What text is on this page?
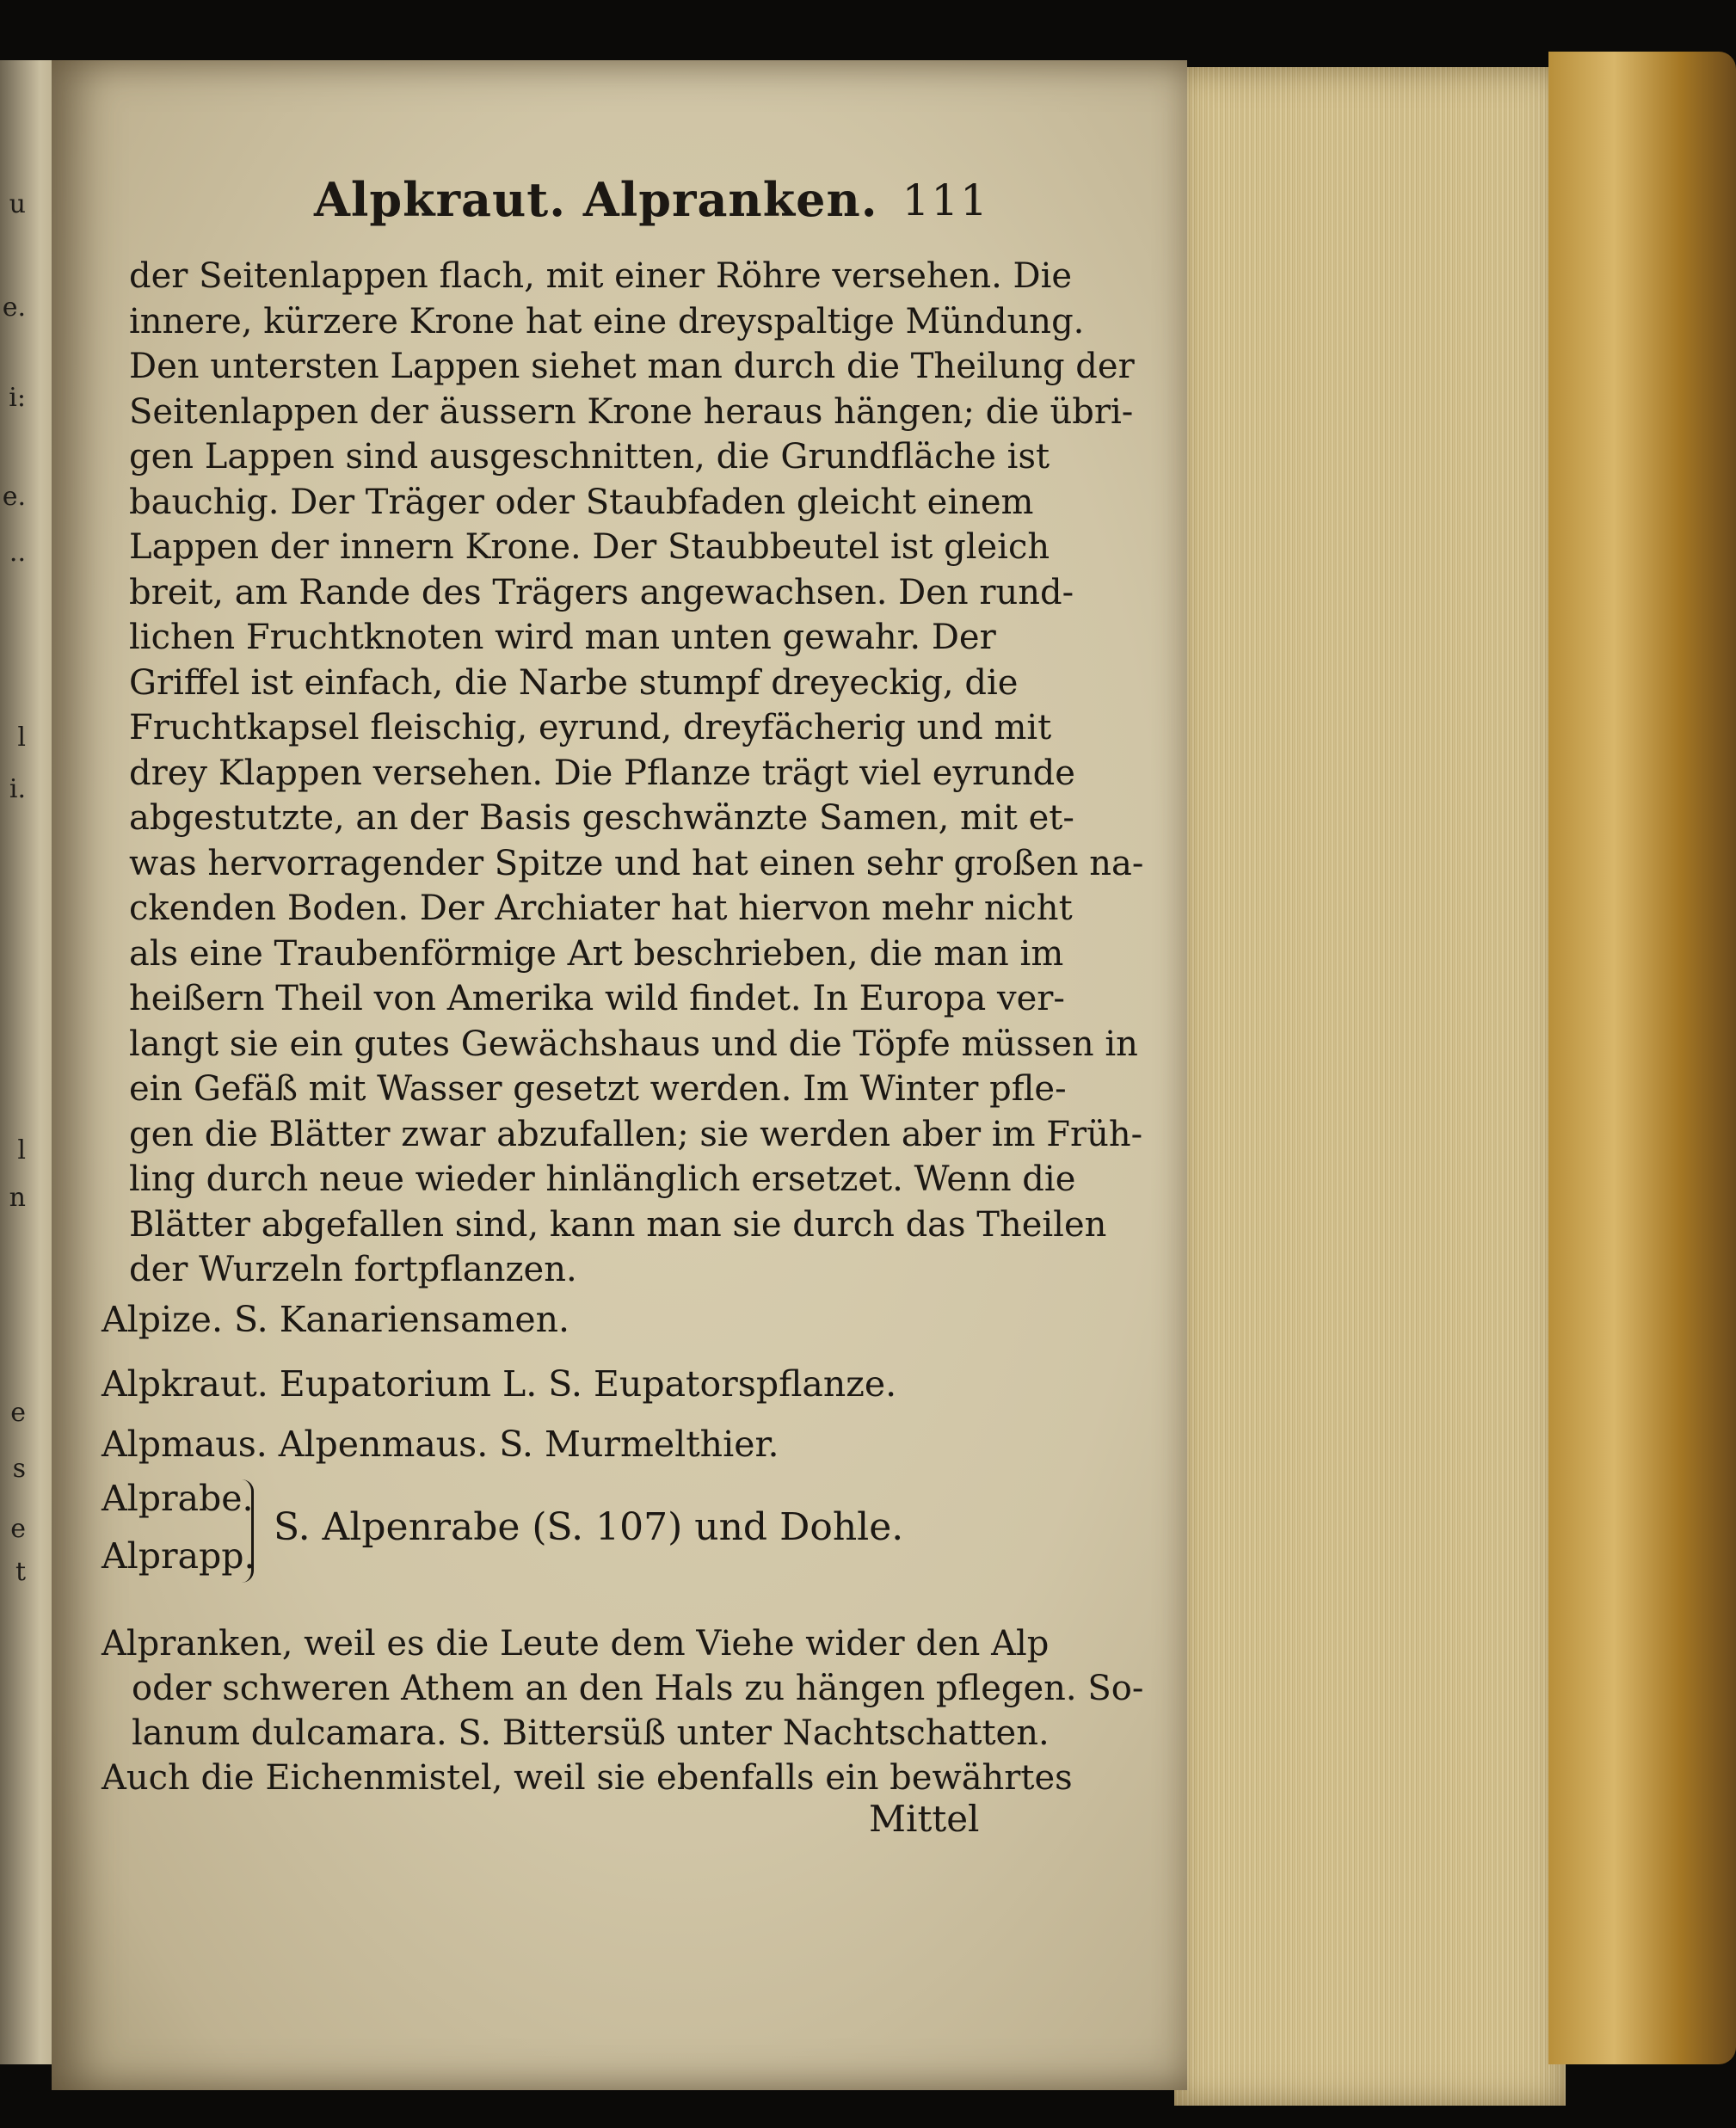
u
e.
i:
e.
..
l
i.
l
n
e
s
e
t
Alpkraut. Alpranken. 111
der Seitenlappen flach, mit einer Röhre versehen. Die
innere, kürzere Krone hat eine dreyspaltige Mündung.
Den untersten Lappen siehet man durch die Theilung der
Seitenlappen der äussern Krone heraus hängen; die übri-
gen Lappen sind ausgeschnitten, die Grundfläche ist
bauchig. Der Träger oder Staubfaden gleicht einem
Lappen der innern Krone. Der Staubbeutel ist gleich
breit, am Rande des Trägers angewachsen. Den rund-
lichen Fruchtknoten wird man unten gewahr. Der
Griffel ist einfach, die Narbe stumpf dreyeckig, die
Fruchtkapsel fleischig, eyrund, dreyfächerig und mit
drey Klappen versehen. Die Pflanze trägt viel eyrunde
abgestutzte, an der Basis geschwänzte Samen, mit et-
was hervorragender Spitze und hat einen sehr großen na-
ckenden Boden. Der Archiater hat hiervon mehr nicht
als eine Traubenförmige Art beschrieben, die man im
heißern Theil von Amerika wild findet. In Europa ver-
langt sie ein gutes Gewächshaus und die Töpfe müssen in
ein Gefäß mit Wasser gesetzt werden. Im Winter pfle-
gen die Blätter zwar abzufallen; sie werden aber im Früh-
ling durch neue wieder hinlänglich ersetzet. Wenn die
Blätter abgefallen sind, kann man sie durch das Theilen
der Wurzeln fortpflanzen.
Alpize. S. Kanariensamen.
Alpkraut. Eupatorium L. S. Eupatorspflanze.
Alpmaus. Alpenmaus. S. Murmelthier.
Alprabe.
Alprapp.
S. Alpenrabe (S. 107) und Dohle.
Alpranken, weil es die Leute dem Viehe wider den Alp
oder schweren Athem an den Hals zu hängen pflegen. So-
lanum dulcamara. S. Bittersüß unter Nachtschatten.
Auch die Eichenmistel, weil sie ebenfalls ein bewährtes
Mittel
